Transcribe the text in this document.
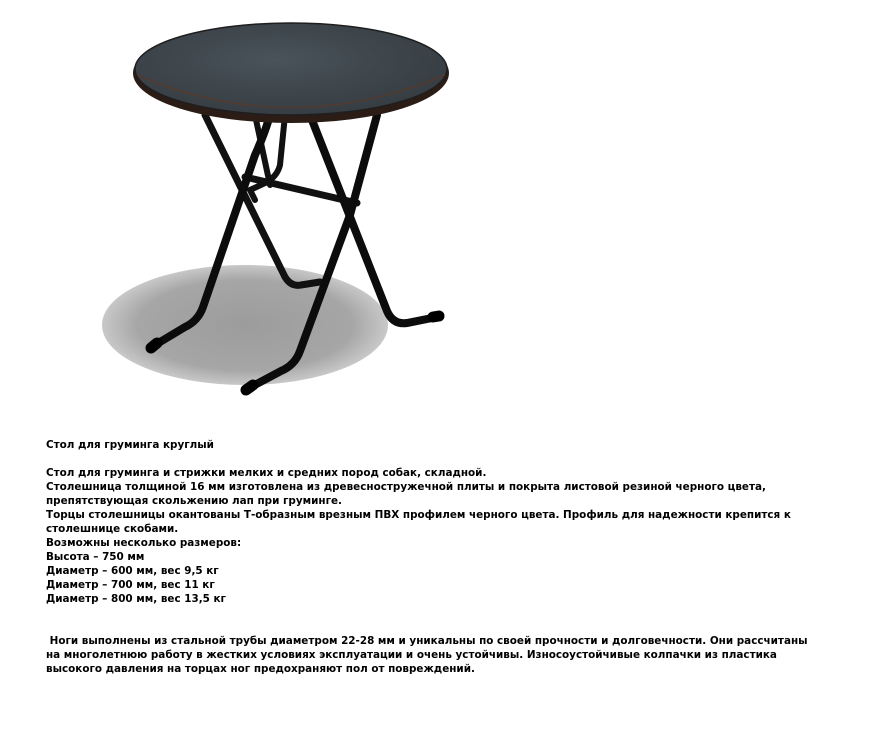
Стол для груминга круглый
Стол для груминга и стрижки мелких и средних пород собак, складной.
Столешница толщиной 16 мм изготовлена из древесностружечной плиты и покрыта листовой резиной черного цвета, препятствующая скольжению лап при груминге.
Торцы столешницы окантованы Т-образным врезным ПВХ профилем черного цвета. Профиль для надежности крепится к столешнице скобами.
Возможны несколько размеров:
Высота – 750 мм
Диаметр – 600 мм, вес 9,5 кг
Диаметр – 700 мм, вес 11 кг
Диаметр – 800 мм, вес 13,5 кг
Ноги выполнены из стальной трубы диаметром 22-28 мм и уникальны по своей прочности и долговечности. Они рассчитаны на многолетнюю работу в жестких условиях эксплуатации и очень устойчивы. Износоустойчивые колпачки из пластика высокого давления на торцах ног предохраняют пол от повреждений.
